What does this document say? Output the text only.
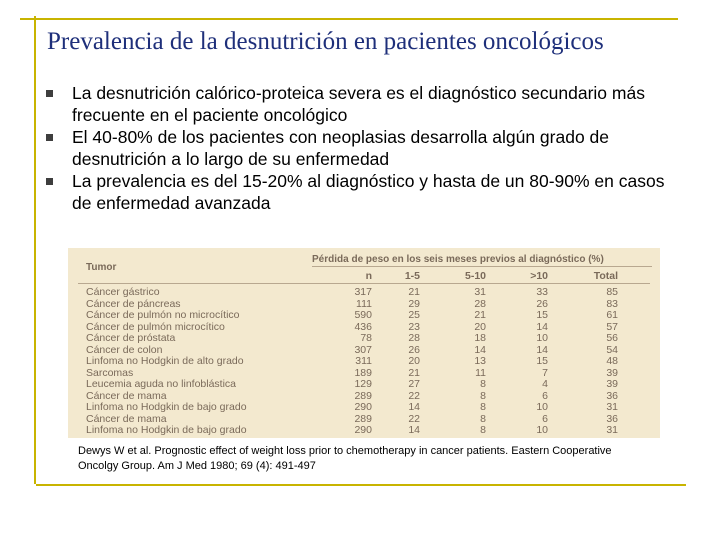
Prevalencia de la desnutrición en pacientes oncológicos
La desnutrición calórico-proteica severa es el diagnóstico secundario más frecuente en el paciente oncológico
El 40-80% de los pacientes con neoplasias desarrolla algún grado de desnutrición a lo largo de su enfermedad
La prevalencia es del 15-20% al diagnóstico y hasta de un 80-90% en casos de enfermedad avanzada
Pérdida de peso en los seis meses previos al diagnóstico (%)
Tumor
n	1-5	5-10	>10	Total
Cáncer gástrico	317	21	31	33	85
Cáncer de páncreas	111	29	28	26	83
Cáncer de pulmón no microcítico	590	25	21	15	61
Cáncer de pulmón microcítico	436	23	20	14	57
Cáncer de próstata	78	28	18	10	56
Cáncer de colon	307	26	14	14	54
Linfoma no Hodgkin de alto grado	311	20	13	15	48
Sarcomas	189	21	11	7	39
Leucemia aguda no linfoblástica	129	27	8	4	39
Cáncer de mama	289	22	8	6	36
Linfoma no Hodgkin de bajo grado	290	14	8	10	31
Cáncer de mama	289	22	8	6	36
Linfoma no Hodgkin de bajo grado	290	14	8	10	31
Dewys W et al. Prognostic effect of weight loss prior to chemotherapy in cancer patients. Eastern Cooperative Oncolgy Group. Am J Med 1980; 69 (4): 491-497
